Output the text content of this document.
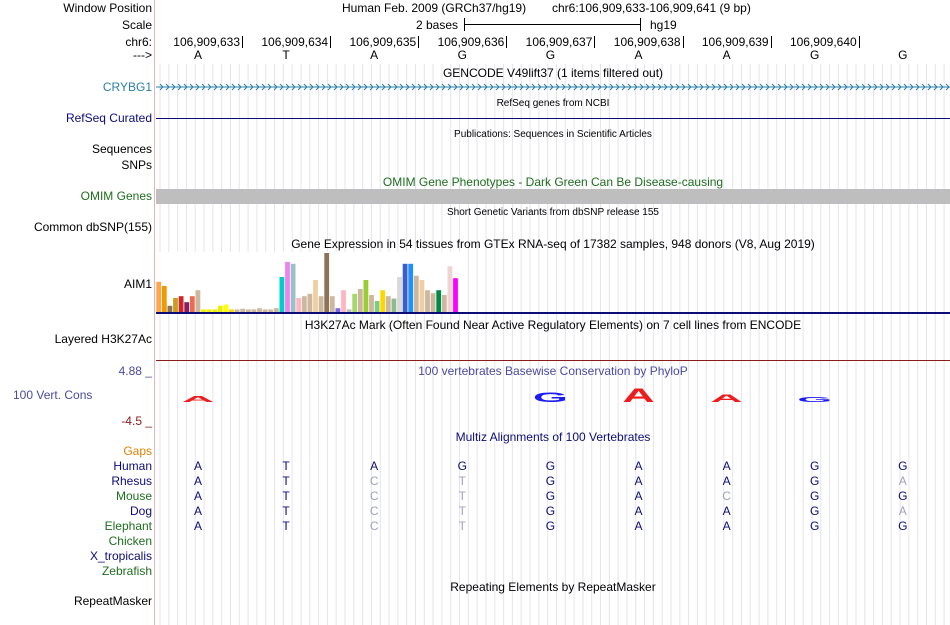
Window Position	Human Feb. 2009 (GRCh37/hg19) chr6:106,909,633-106,909,641 (9 bp)
Scale	2 bases	hg19
chr6:
--->
GENCODE V49lift37 (1 items filtered out)
CRYBG1
RefSeq genes from NCBI
RefSeq Curated
Publications: Sequences in Scientific Articles
Sequences
SNPs
OMIM Gene Phenotypes - Dark Green Can Be Disease-causing
OMIM Genes
Short Genetic Variants from dbSNP release 155
Common dbSNP(155)
Gene Expression in 54 tissues from GTEx RNA-seq of 17382 samples, 948 donors (V8, Aug 2019)
AIM1
H3K27Ac Mark (Often Found Near Active Regulatory Elements) on 7 cell lines from ENCODE
Layered H3K27Ac
100 vertebrates Basewise Conservation by PhyloP
4.88 _
100 Vert. Cons
-4.5 _
A	G	A	A	G
Multiz Alignments of 100 Vertebrates
Gaps
Repeating Elements by RepeatMasker
RepeatMasker
106,909,633 106,909,634 106,909,635 106,909,636 106,909,637 106,909,638 106,909,639 106,909,640
A	T	A	G	G	A	A	G	G
Human	A	T	A	G	G	A	A	G	G
Rhesus	A	T	C	T	G	A	A	G	A
Mouse	A	T	C	T	G	A	C	G	G
Dog	A	T	C	T	G	A	A	G	A
Elephant	A	T	C	T	G	A	A	G	G
Chicken
X_tropicalis
Zebrafish
